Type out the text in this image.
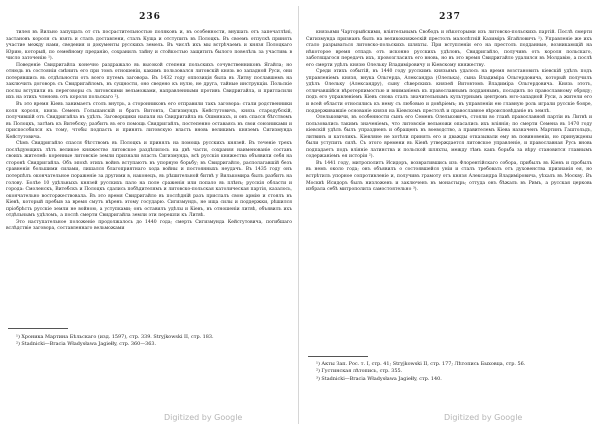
236

тилея въ Вильно запущать от сть посрастительностью поляковъ и, въ особенности, внушать отъ запечатлѣні, застановъ короля съ взять и сталъ доставлени, сталъ Куща и отступить въ Полоцкъ. Въ своемъ отпускѣ принять участие между нами, сведения и документы русскихъ земель. Въ числѣ ихъ мы встрѣчаемъ и князя Полоцкаго Юрию, который, по семейному преданію, сохранилъ тайну и стойкостью защитить былого повелѣль за участивь в число заточенію ¹).

Поведеніе Свидригайла конечно раздражало въ высокой степени польскихъ сочувственниковъ Ягайла; но отнюдь въ состояніи смѣнить его при томъ отношеніи, какимъ пользовался литовскій князь во западной Руси, они потерявшись въ отдѣльности отъ всего путемъ заговора. Въ 1432 году оппозиція была въ Литву пославшемъ на заключить договоръ съ Свидригайломъ, въ сущности, оно сведено къ нулю, не друга, тайные инструкціи. Польскіе послы вступили въ переговоры съ литовскими вельможами, направленными противъ Свидригайла, и пригласили ихъ на этихъ членовъ отъ короля польскаго ²).

Въ это время Кіевъ занимаетъ столъ внутрь, а сторонниковъ его отправили такъ заговора: стали родственники коля короля, князь Семенъ Гольшанскій и братъ Витовта, Сигизмундъ Кейстутовичъ, князь стародубскій, получившій отъ Свидригайла въ удѣлъ. Заговорщики напали на Свидригайла въ Ошмянахъ, и онъ спасся бѣгствомъ въ Полоцкъ, затѣмъ къ Витебску; разбитъ въ его помощь Свидригайлъ, постепенно оставаясь въ свои союзниками и приспособился къ тому, чтобы подпасть и принять литовскую власть вновь великимъ княземъ Сигизмунда Кейстутовича.

Сѣмъ Свидригайло спасся бѣгствомъ въ Полоцкъ и принялъ на помощь русскихъ князей. Въ теченіе трехъ послѣдующихъ лѣтъ великое княжество литовское раздѣлилось на двѣ части, сохраняя наименованіе составъ своихъ жителей: коренные литовскіе земли признали власть Сигизмунда, всѣ русскія княжества объявили себя на сторонѣ Свидригайла. Объ эпохѣ этихъ войнъ вступаютъ въ упорную борьбу; въ Свидригайло, располагавшій безъ сравненія большими силами, лишался благоприятнаго хода войны и постоянныхъ неудачъ. Въ 1435 году онъ потерпѣлъ окончательное пораженіе за другими в, наконецъ, въ рѣшительной битвѣ у Вилькомира былъ разбитъ на голову. Болѣе 10 удѣльныхъ князей русскихъ пало на поле сраженія или попало въ плѣнъ; русскія области и города: Смоленскъ, Витебскъ и Полоцкъ сдались побѣдителямъ и литовско-польская католическая партія, казалось, окончательно восторжествовала. Въ это время Свидригайло въ послѣдній разъ прислалъ свою армію и стоялъ въ Кіевѣ, который пребыв за время смутъ вѣренъ этому государю. Сигизмундъ, не ища силы и поддержки, рѣшился пріобрѣсть русскіе земли не войною, а уступками; онъ оставилъ удѣлы и Кіевъ, въ отношеніи литвѣ, объявилъ ихъ отдѣльнымъ удѣломъ, а послѣ смерти Свидригайла земли эти перешли къ Литвѣ.

Это наступательное положеніе продолжалось до 1440 года; смерть Сигизмунда Кейстутовича, погибшаго вслѣдствіе заговора, составленнаго вельможами

¹) Хроника Мартина Бѣльскаго (изд. 1597), стр. 339. Stryjkowski II, стр. 183.

²) Stadnicki—Bracia Władysława Jagiełły, стр. 360—363.

Digitized by Google
237

князьями Чарторыйскими, вліятельнымъ Свободъ и нѣкоторыми изъ литовско-польскихъ партій. Послѣ смерти Сигизмунда признанъ былъ на великокняжескій престолъ малолѣтній Казиміръ Ягайловичъ ¹). Управленіе же ихъ стало разрываться литовско-польскихъ шляхты. При вступленіи его на престолъ подданные, возникающій на нѣкоторое время отпадъ отъ исконно русскихъ удѣловъ, Свидригайло, получивъ отъ короля польскаго, заботящагося передачъ ихъ, провозгласилъ его вновь, но въ это время Свидригайло удалился въ Молдавію, а послѣ его смерти удѣлъ князю Олельку Владиміровичу и Кіевскому княжеству.

Среди этихъ событій, въ 1440 году русскимъ князьямъ удалось на время возстановить кіевскій удѣлъ подъ управленіемъ князя, внука Ольгерда, Александра (Олелька), сына Владиміра Ольгердовича, который получилъ удѣлъ Олельку (Александру), сыну сѣверскихъ князей Витовтомъ Владиміра Ольгердовича. Князь этотъ, отличавшійся вѣротерпимостью и вниманіемъ къ православнымъ подданнымъ, посадилъ по православному обряду; подъ его управленіемъ Кіевъ снова сталъ значительнымъ культурнымъ центромъ юго-западной Руси, а жители его и всей области относились къ нему съ любовью и довѣріемъ; въ управленіи ею главную роль играли русскіе бояре, поддерживавшіе основаніе князя на Кіевскомъ престолѣ и православное вѣроисповѣданіе въ землѣ.

Олельковичи, въ особенности сынъ его Семенъ Олельковичъ, стояли во главѣ православной партіи въ Литвѣ и пользовались такимъ значеніемъ, что литовскіе вельможи опасались ихъ вліянія; по смерти Семена въ 1470 году кіевскій удѣлъ былъ упраздненъ и обращенъ въ воеводство, а правителемъ Кіева назначенъ Мартинъ Гаштольдъ, литвинъ и католикъ. Кіевляне не хотѣли принять его и дважды отказывали ему въ повиновеніи, но принуждены были уступить силѣ. Съ этого времени въ Кіевѣ утверждается литовское управленіе, и православная Русь вновь подпадаетъ подъ вліяніе латинства и польской шляхты, между тѣмъ какъ борьба за вѣру становится главнымъ содержаніемъ ея исторіи ²).

Въ 1441 году, митрополитъ Исидоръ, возвратившись изъ Флорентійскаго собора, прибылъ въ Кіевъ и пробылъ въ немъ около года; онъ объявилъ о состоявшейся уніи и сталъ требовать отъ духовенства признанія ея, но встрѣтилъ упорное сопротивленіе и, получивъ грамоту отъ князя Александра Владиміровича, уѣхалъ въ Москву. Въ Москвѣ Исидоръ былъ низложенъ и заключенъ въ монастырь; оттуда онъ бѣжалъ въ Римъ, а русская церковь избрала себѣ митрополита самостоятельно ³).

¹) Акты Зап. Рос. т. I, стр. 41; Stryjkowski II, стр. 177; Лѣтопись Быховца, стр. 56.

²) Густинская лѣтопись, стр. 355.

³) Stadnicki—Bracia Władysława Jagiełły, стр. 140.

Digitized by Google
